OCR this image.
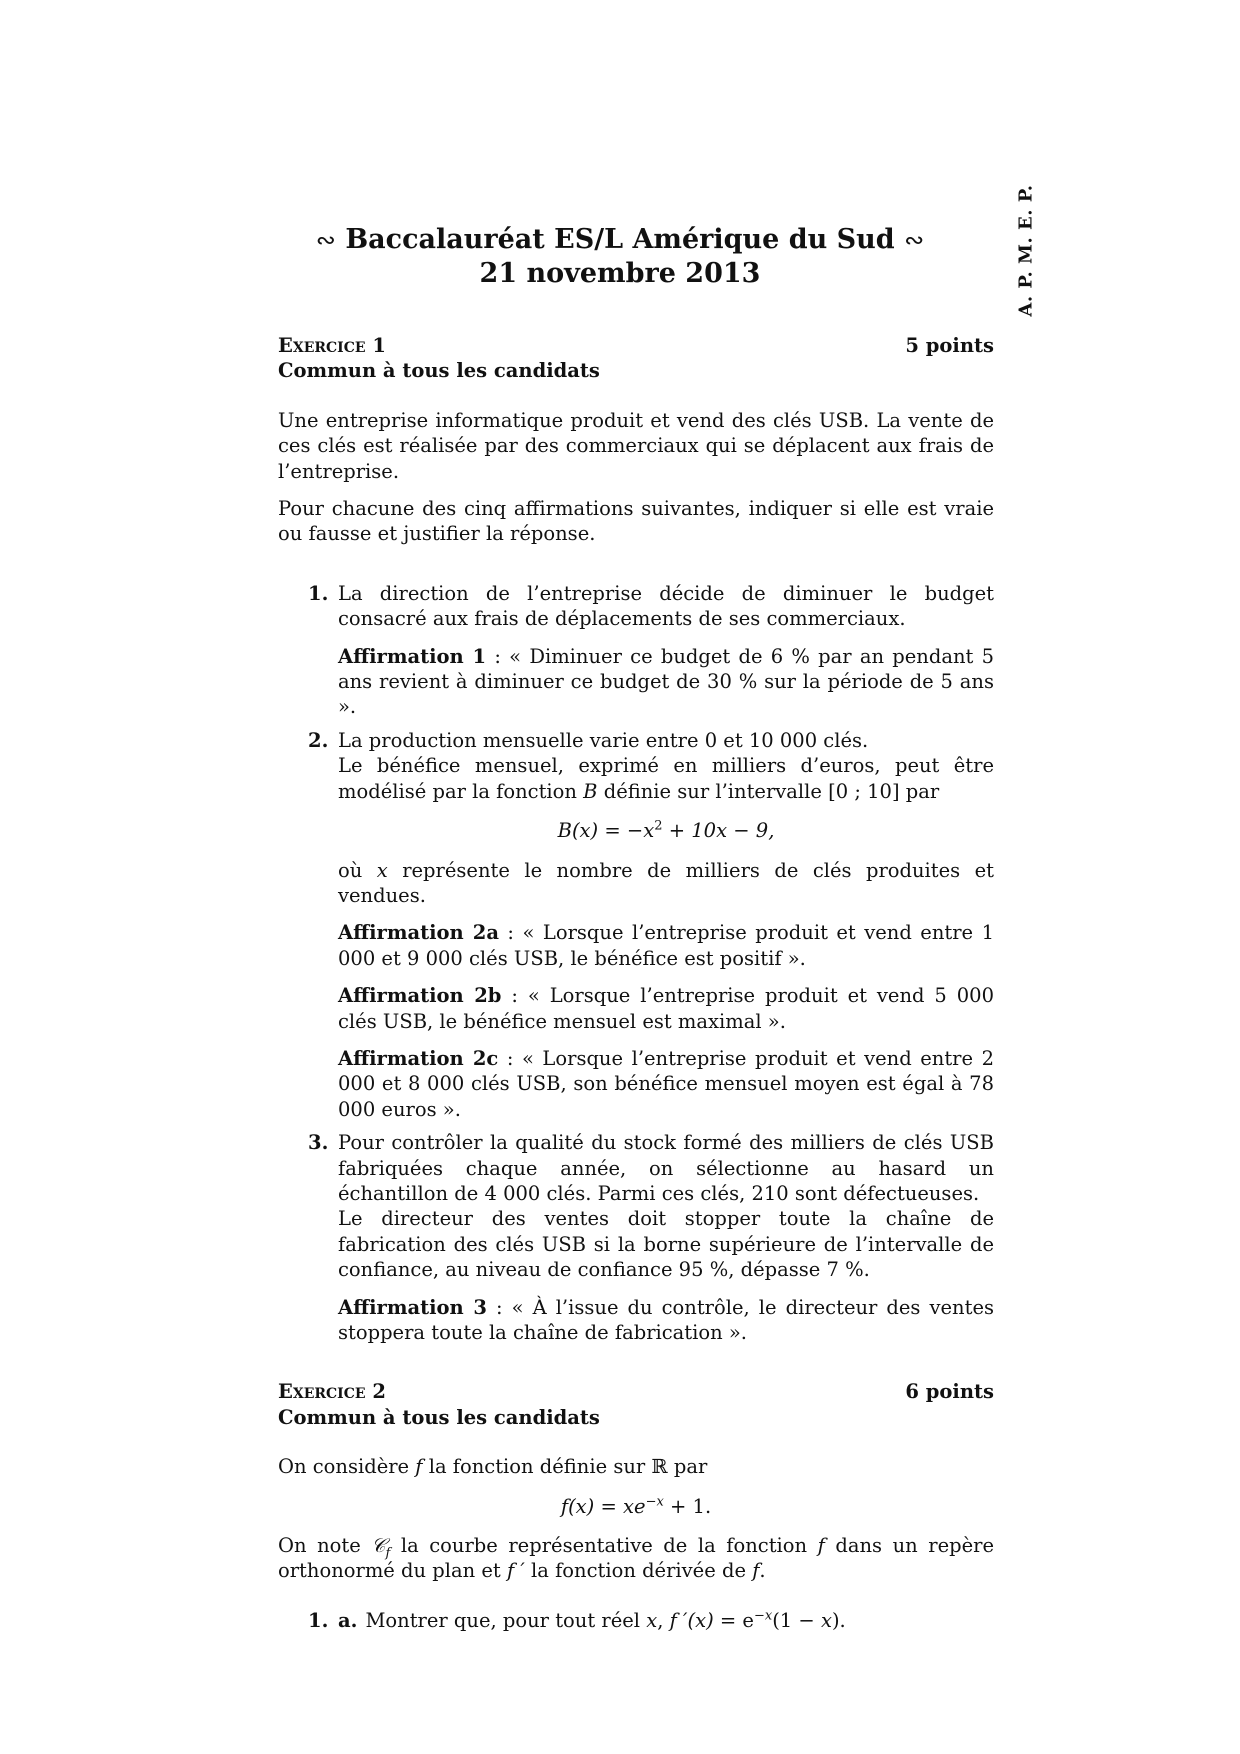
A. P. M. E. P.
∾ Baccalauréat ES/L Amérique du Sud ∾
21 novembre 2013
Exercice 1	5 points
Commun à tous les candidats

Une entreprise informatique produit et vend des clés USB. La vente de ces clés est réalisée par des commerciaux qui se déplacent aux frais de l’entreprise.

Pour chacune des cinq affirmations suivantes, indiquer si elle est vraie ou fausse et justifier la réponse.

1. La direction de l’entreprise décide de diminuer le budget consacré aux frais de déplacements de ses commerciaux.

Affirmation 1 : « Diminuer ce budget de 6 % par an pendant 5 ans revient à diminuer ce budget de 30 % sur la période de 5 ans ».

2. La production mensuelle varie entre 0 et 10 000 clés.

Le bénéfice mensuel, exprimé en milliers d’euros, peut être modélisé par la fonction B définie sur l’intervalle [0 ; 10] par

$B(x) = -x^2 + 10x - 9$,

où x représente le nombre de milliers de clés produites et vendues.

Affirmation 2a : « Lorsque l’entreprise produit et vend entre 1 000 et 9 000 clés USB, le bénéfice est positif ».

Affirmation 2b : « Lorsque l’entreprise produit et vend 5 000 clés USB, le bénéfice mensuel est maximal ».

Affirmation 2c : « Lorsque l’entreprise produit et vend entre 2 000 et 8 000 clés USB, son bénéfice mensuel moyen est égal à 78 000 euros ».

3. Pour contrôler la qualité du stock formé des milliers de clés USB fabriquées chaque année, on sélectionne au hasard un échantillon de 4 000 clés. Parmi ces clés, 210 sont défectueuses.

Le directeur des ventes doit stopper toute la chaîne de fabrication des clés USB si la borne supérieure de l’intervalle de confiance, au niveau de confiance 95 %, dépasse 7 %.

Affirmation 3 : « À l’issue du contrôle, le directeur des ventes stoppera toute la chaîne de fabrication ».

Exercice 2	6 points
Commun à tous les candidats

On considère f la fonction définie sur ℝ par

$f(x) = xe^{-x} + 1$.

On note 𝒞$_f$ la courbe représentative de la fonction f dans un repère orthonormé du plan et f ′ la fonction dérivée de f.

1. a. Montrer que, pour tout réel x, f $'(x) = e^{-x}(1 - x)$.
